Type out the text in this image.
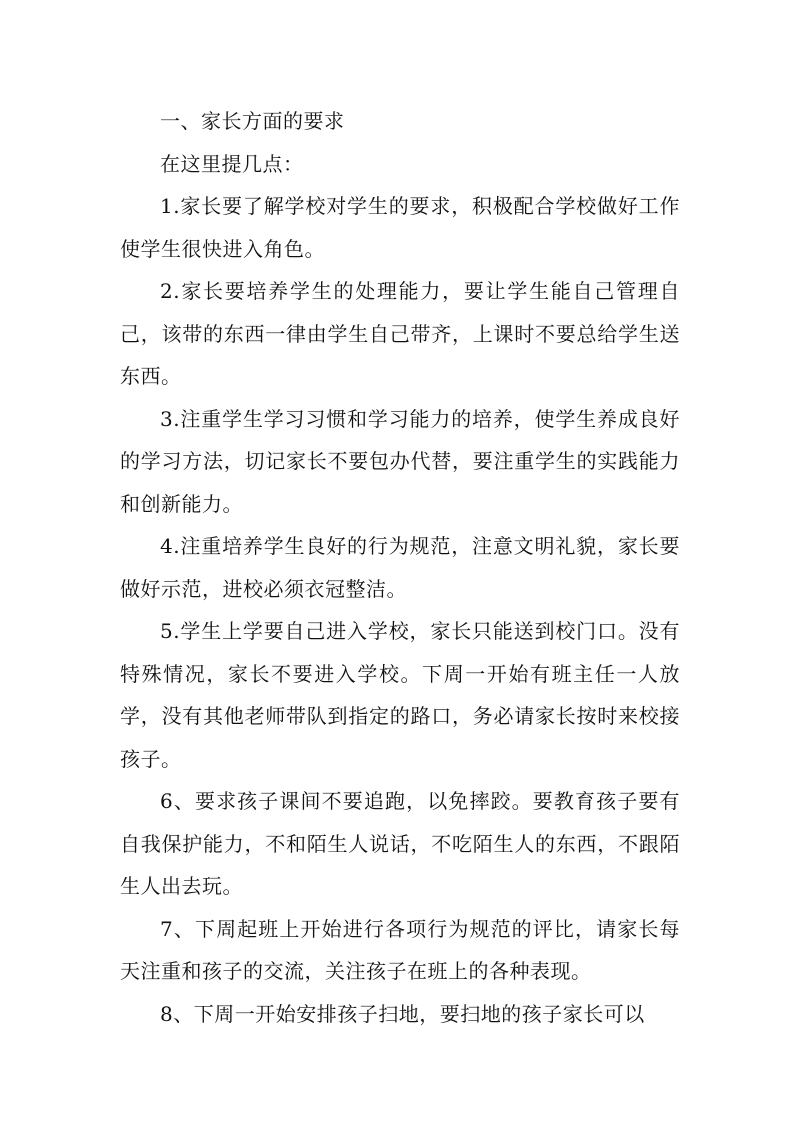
一、家长方面的要求

在这里提几点：

1.家长要了解学校对学生的要求，积极配合学校做好工作使学生很快进入角色。

2.家长要培养学生的处理能力，要让学生能自己管理自己，该带的东西一律由学生自己带齐，上课时不要总给学生送东西。

3.注重学生学习习惯和学习能力的培养，使学生养成良好的学习方法，切记家长不要包办代替，要注重学生的实践能力和创新能力。

4.注重培养学生良好的行为规范，注意文明礼貌，家长要做好示范，进校必须衣冠整洁。

5.学生上学要自己进入学校，家长只能送到校门口。没有特殊情况，家长不要进入学校。下周一开始有班主任一人放学，没有其他老师带队到指定的路口，务必请家长按时来校接孩子。

6、要求孩子课间不要追跑，以免摔跤。要教育孩子要有自我保护能力，不和陌生人说话，不吃陌生人的东西，不跟陌生人出去玩。

7、下周起班上开始进行各项行为规范的评比，请家长每天注重和孩子的交流，关注孩子在班上的各种表现。

8、下周一开始安排孩子扫地，要扫地的孩子家长可以
